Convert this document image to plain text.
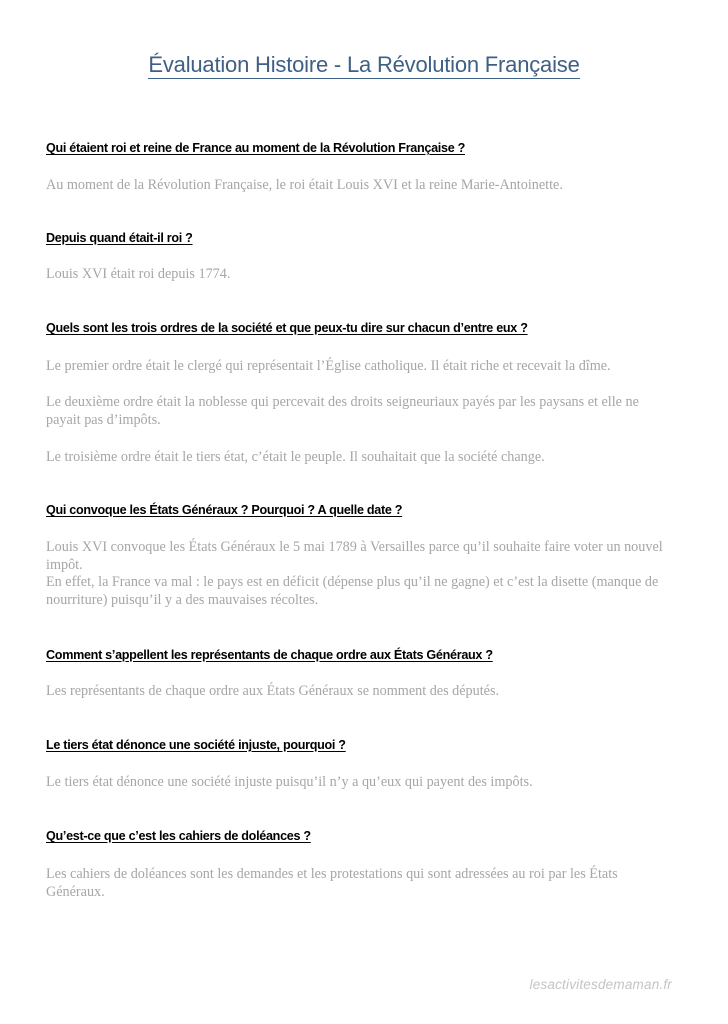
Évaluation Histoire - La Révolution Française
Qui étaient roi et reine de France au moment de la Révolution Française ?

Au moment de la Révolution Française, le roi était Louis XVI et la reine Marie-Antoinette.

Depuis quand était-il roi ?

Louis XVI était roi depuis 1774.

Quels sont les trois ordres de la société et que peux-tu dire sur chacun d’entre eux ?

Le premier ordre était le clergé qui représentait l’Église catholique. Il était riche et recevait la dîme.

Le deuxième ordre était la noblesse qui percevait des droits seigneuriaux payés par les paysans et elle ne payait pas d’impôts.

Le troisième ordre était le tiers état, c’était le peuple. Il souhaitait que la société change.

Qui convoque les États Généraux ? Pourquoi ? A quelle date ?

Louis XVI convoque les États Généraux le 5 mai 1789 à Versailles parce qu’il souhaite faire voter un nouvel impôt.

En effet, la France va mal : le pays est en déficit (dépense plus qu’il ne gagne) et c’est la disette (manque de nourriture) puisqu’il y a des mauvaises récoltes.

Comment s’appellent les représentants de chaque ordre aux États Généraux ?

Les représentants de chaque ordre aux États Généraux se nomment des députés.

Le tiers état dénonce une société injuste, pourquoi ?

Le tiers état dénonce une société injuste puisqu’il n’y a qu’eux qui payent des impôts.

Qu’est-ce que c’est les cahiers de doléances ?

Les cahiers de doléances sont les demandes et les protestations qui sont adressées au roi par les États Généraux.

lesactivitesdemaman.fr
